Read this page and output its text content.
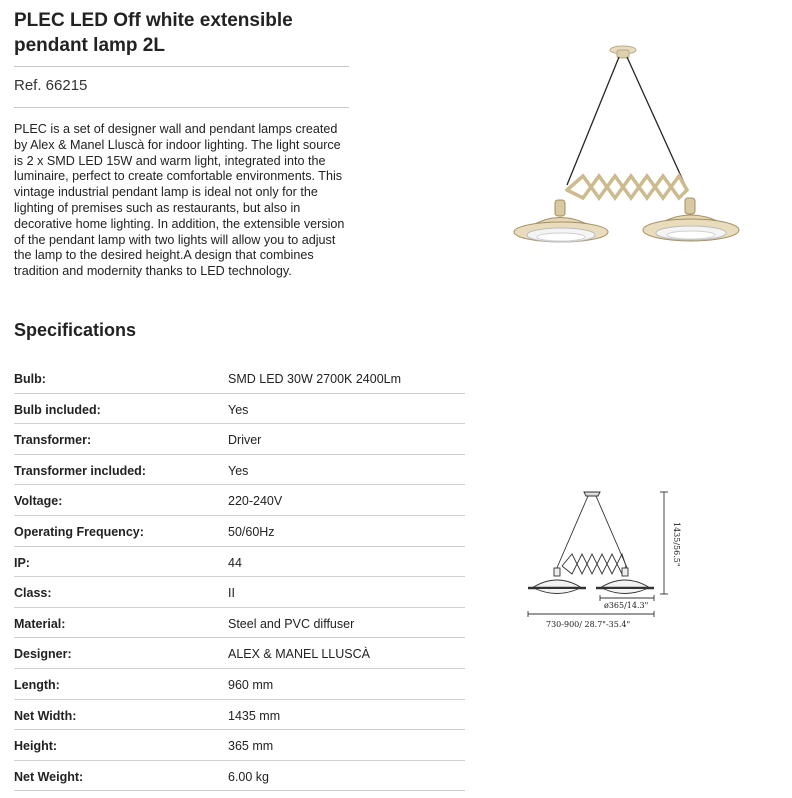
PLEC LED Off white extensible pendant lamp 2L
Ref. 66215

PLEC is a set of designer wall and pendant lamps created by Alex & Manel Lluscà for indoor lighting. The light source is 2 x SMD LED 15W and warm light, integrated into the luminaire, perfect to create comfortable environments. This vintage industrial pendant lamp is ideal not only for the lighting of premises such as restaurants, but also in decorative home lighting. In addition, the extensible version of the pendant lamp with two lights will allow you to adjust the lamp to the desired height.A design that combines tradition and modernity thanks to LED technology.

Specifications
Bulb:	SMD LED 30W 2700K 2400Lm
Bulb included:	Yes
Transformer:	Driver
Transformer included:	Yes
Voltage:	220-240V
Operating Frequency:	50/60Hz
IP:	44
Class:	II
Material:	Steel and PVC diffuser
Designer:	ALEX & MANEL LLUSCÀ
Length:	960 mm
Net Width:	1435 mm
Height:	365 mm
Net Weight:	6.00 kg
1435/56.5"
ø365/14.3"
730-900/ 28.7"-35.4"
